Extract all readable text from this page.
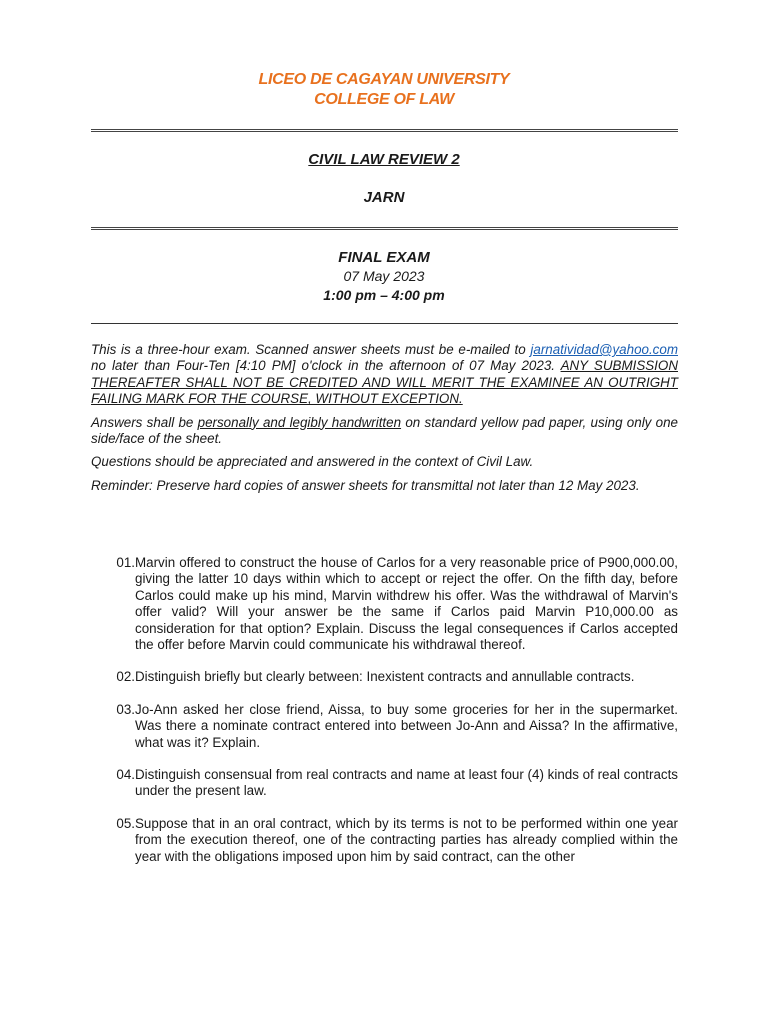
LICEO DE CAGAYAN UNIVERSITY
COLLEGE OF LAW
CIVIL LAW REVIEW 2
JARN
FINAL EXAM
07 May 2023
1:00 pm – 4:00 pm

This is a three-hour exam. Scanned answer sheets must be e-mailed to jarnatividad@yahoo.com no later than Four-Ten [4:10 PM] o'clock in the afternoon of 07 May 2023. ANY SUBMISSION THEREAFTER SHALL NOT BE CREDITED AND WILL MERIT THE EXAMINEE AN OUTRIGHT FAILING MARK FOR THE COURSE, WITHOUT EXCEPTION.

Answers shall be personally and legibly handwritten on standard yellow pad paper, using only one side/face of the sheet.

Questions should be appreciated and answered in the context of Civil Law.

Reminder: Preserve hard copies of answer sheets for transmittal not later than 12 May 2023.

01. Marvin offered to construct the house of Carlos for a very reasonable price of P900,000.00, giving the latter 10 days within which to accept or reject the offer. On the fifth day, before Carlos could make up his mind, Marvin withdrew his offer. Was the withdrawal of Marvin's offer valid? Will your answer be the same if Carlos paid Marvin P10,000.00 as consideration for that option? Explain. Discuss the legal consequences if Carlos accepted the offer before Marvin could communicate his withdrawal thereof.
02. Distinguish briefly but clearly between: Inexistent contracts and annullable contracts.
03. Jo-Ann asked her close friend, Aissa, to buy some groceries for her in the supermarket. Was there a nominate contract entered into between Jo-Ann and Aissa? In the affirmative, what was it? Explain.
04. Distinguish consensual from real contracts and name at least four (4) kinds of real contracts under the present law.
05. Suppose that in an oral contract, which by its terms is not to be performed within one year from the execution thereof, one of the contracting parties has already complied within the year with the obligations imposed upon him by said contract, can the other
